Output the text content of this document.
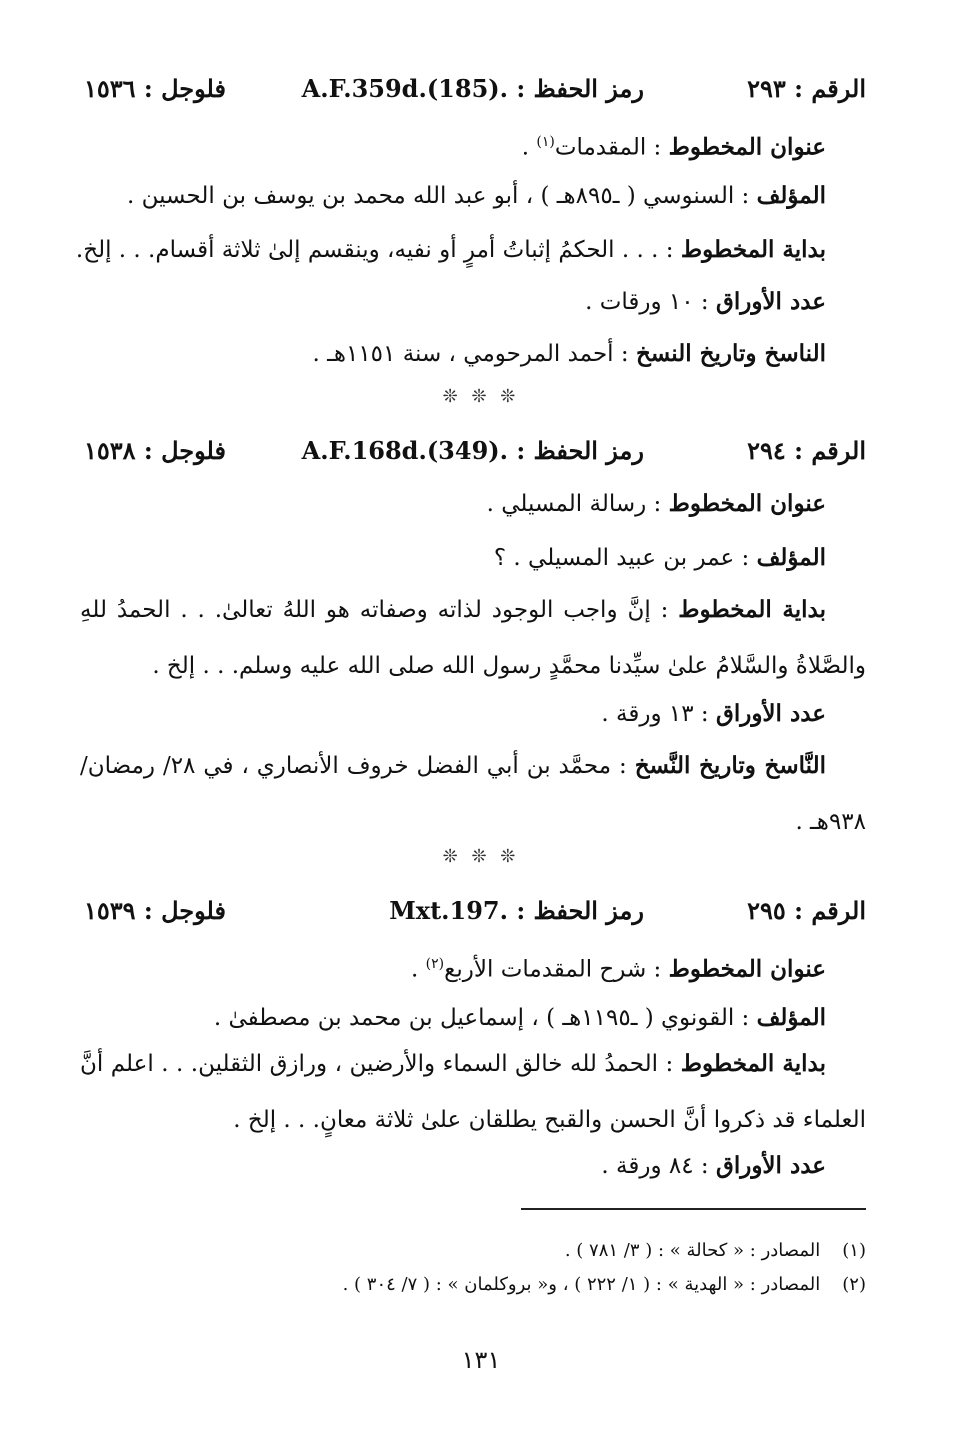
الرقم : ٢٩٣
رمز الحفظ : .A.F.359d.(185)
فلوجل : ١٥٣٦
عنوان المخطوط : المقدمات$^{(١)}$ .
المؤلف : السنوسي ( ـ٨٩٥هـ ) ، أبو عبد الله محمد بن يوسف بن الحسين .
بداية المخطوط : . . . الحكمُ إثباتُ أمرٍ أو نفيه، وينقسم إلىٰ ثلاثة أقسام. . . إلخ.
عدد الأوراق : ١٠ ورقات .
الناسخ وتاريخ النسخ : أحمد المرحومي ، سنة ١١٥١هـ .
❊ ❊ ❊
الرقم : ٢٩٤
رمز الحفظ : .A.F.168d.(349)
فلوجل : ١٥٣٨
عنوان المخطوط : رسالة المسيلي .
المؤلف : عمر بن عبيد المسيلي . ؟
بداية المخطوط : إنَّ واجب الوجود لذاته وصفاته هو اللهُ تعالىٰ. . . الحمدُ للهِ والصَّلاةُ والسَّلامُ علىٰ سيِّدنا محمَّدٍ رسول الله صلى الله عليه وسلم. . . إلخ .
عدد الأوراق : ١٣ ورقة .
النَّاسخ وتاريخ النَّسخ : محمَّد بن أبي الفضل خروف الأنصاري ، في ٢٨/ رمضان/ ٩٣٨هـ .
❊ ❊ ❊
الرقم : ٢٩٥
رمز الحفظ : .Mxt.197
فلوجل : ١٥٣٩
عنوان المخطوط : شرح المقدمات الأربع$^{(٢)}$ .
المؤلف : القونوي ( ـ١١٩٥هـ ) ، إسماعيل بن محمد بن مصطفىٰ .
بداية المخطوط : الحمدُ لله خالق السماء والأرضين ، ورازق الثقلين. . . اعلم أنَّ العلماء قد ذكروا أنَّ الحسن والقبح يطلقان علىٰ ثلاثة معانٍ. . . إلخ .
عدد الأوراق : ٨٤ ورقة .
(١) المصادر : « كحالة » : ( ٣/ ٧٨١ ) .
(٢) المصادر : « الهدية » : ( ١/ ٢٢٢ ) ، و« بروكلمان » : ( ٧/ ٣٠٤ ) .
١٣١
